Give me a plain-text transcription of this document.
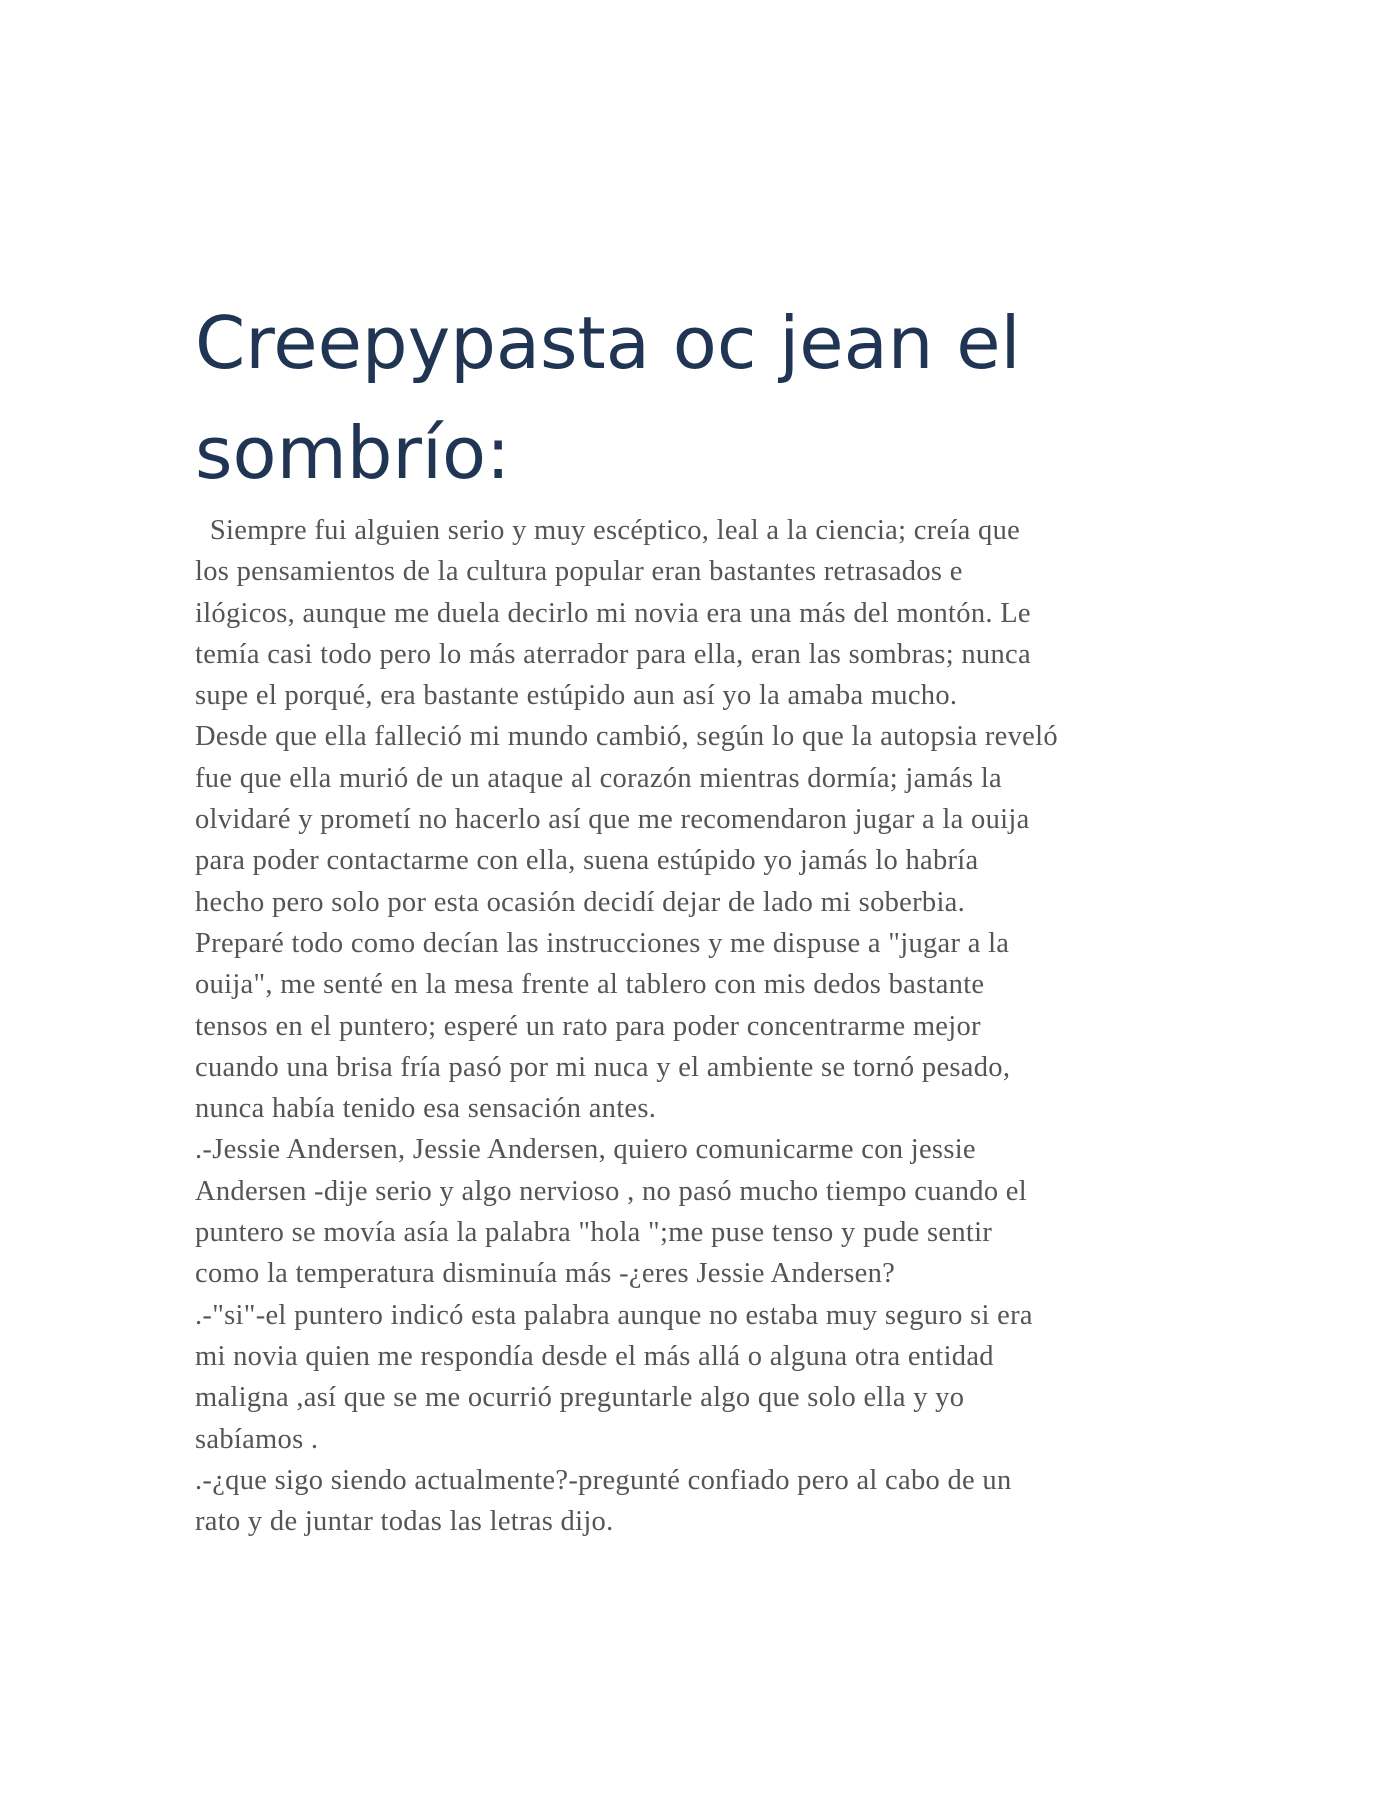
Creepypasta oc jean el
sombrío:
Siempre fui alguien serio y muy escéptico, leal a la ciencia; creía que
los pensamientos de la cultura popular eran bastantes retrasados e
ilógicos, aunque me duela decirlo mi novia era una más del montón. Le
temía casi todo pero lo más aterrador para ella, eran las sombras; nunca
supe el porqué, era bastante estúpido aun así yo la amaba mucho.
Desde que ella falleció mi mundo cambió, según lo que la autopsia reveló
fue que ella murió de un ataque al corazón mientras dormía; jamás la
olvidaré y prometí no hacerlo así que me recomendaron jugar a la ouija
para poder contactarme con ella, suena estúpido yo jamás lo habría
hecho pero solo por esta ocasión decidí dejar de lado mi soberbia.
Preparé todo como decían las instrucciones y me dispuse a "jugar a la
ouija", me senté en la mesa frente al tablero con mis dedos bastante
tensos en el puntero; esperé un rato para poder concentrarme mejor
cuando una brisa fría pasó por mi nuca y el ambiente se tornó pesado,
nunca había tenido esa sensación antes.
.-Jessie Andersen, Jessie Andersen, quiero comunicarme con jessie
Andersen -dije serio y algo nervioso , no pasó mucho tiempo cuando el
puntero se movía asía la palabra "hola ";me puse tenso y pude sentir
como la temperatura disminuía más -¿eres Jessie Andersen?
.-"si"-el puntero indicó esta palabra aunque no estaba muy seguro si era
mi novia quien me respondía desde el más allá o alguna otra entidad
maligna ,así que se me ocurrió preguntarle algo que solo ella y yo
sabíamos .
.-¿que sigo siendo actualmente?-pregunté confiado pero al cabo de un
rato y de juntar todas las letras dijo.
